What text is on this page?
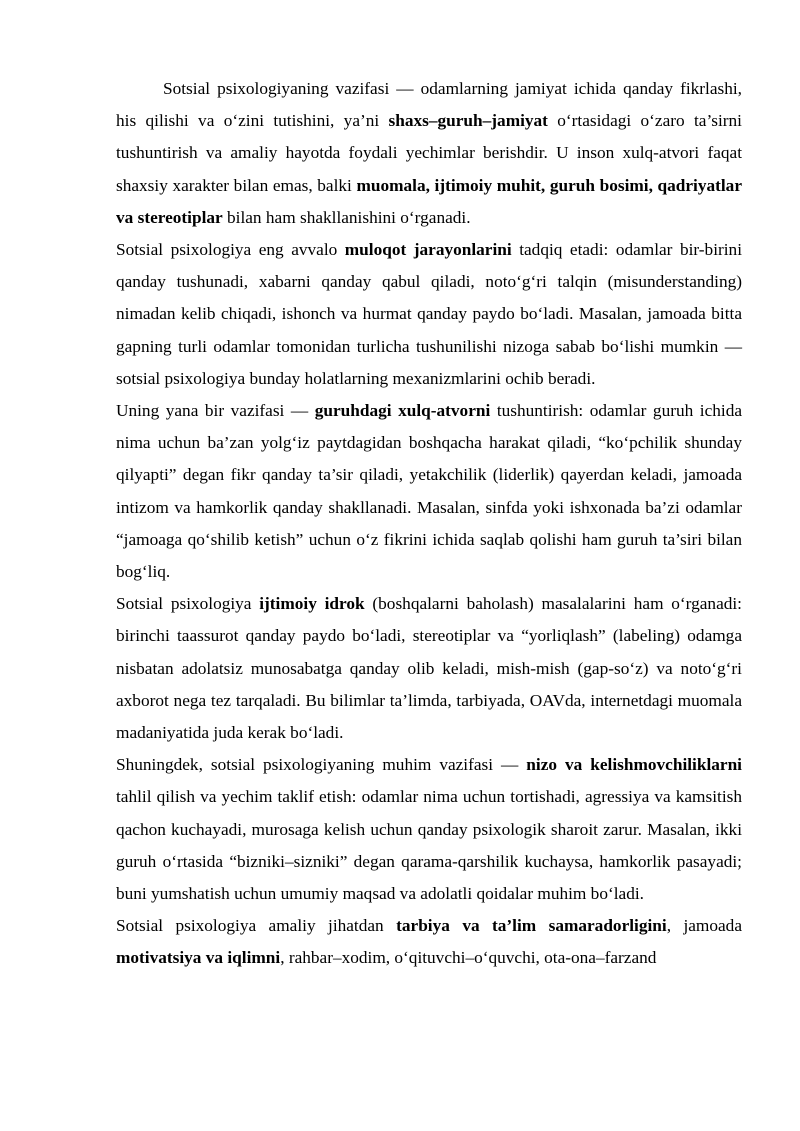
Sotsial psixologiyaning vazifasi — odamlarning jamiyat ichida qanday fikrlashi, his qilishi va o‘zini tutishini, ya’ni shaxs–guruh–jamiyat o‘rtasidagi o‘zaro ta’sirni tushuntirish va amaliy hayotda foydali yechimlar berishdir. U inson xulq-atvori faqat shaxsiy xarakter bilan emas, balki muomala, ijtimoiy muhit, guruh bosimi, qadriyatlar va stereotiplar bilan ham shakllanishini o‘rganadi.

Sotsial psixologiya eng avvalo muloqot jarayonlarini tadqiq etadi: odamlar bir-birini qanday tushunadi, xabarni qanday qabul qiladi, noto‘g‘ri talqin (misunderstanding) nimadan kelib chiqadi, ishonch va hurmat qanday paydo bo‘ladi. Masalan, jamoada bitta gapning turli odamlar tomonidan turlicha tushunilishi nizoga sabab bo‘lishi mumkin — sotsial psixologiya bunday holatlarning mexanizmlarini ochib beradi.

Uning yana bir vazifasi — guruhdagi xulq-atvorni tushuntirish: odamlar guruh ichida nima uchun ba’zan yolg‘iz paytdagidan boshqacha harakat qiladi, “ko‘pchilik shunday qilyapti” degan fikr qanday ta’sir qiladi, yetakchilik (liderlik) qayerdan keladi, jamoada intizom va hamkorlik qanday shakllanadi. Masalan, sinfda yoki ishxonada ba’zi odamlar “jamoaga qo‘shilib ketish” uchun o‘z fikrini ichida saqlab qolishi ham guruh ta’siri bilan bog‘liq.

Sotsial psixologiya ijtimoiy idrok (boshqalarni baholash) masalalarini ham o‘rganadi: birinchi taassurot qanday paydo bo‘ladi, stereotiplar va “yorliqlash” (labeling) odamga nisbatan adolatsiz munosabatga qanday olib keladi, mish-mish (gap-so‘z) va noto‘g‘ri axborot nega tez tarqaladi. Bu bilimlar ta’limda, tarbiyada, OAVda, internetdagi muomala madaniyatida juda kerak bo‘ladi.

Shuningdek, sotsial psixologiyaning muhim vazifasi — nizo va kelishmovchiliklarni tahlil qilish va yechim taklif etish: odamlar nima uchun tortishadi, agressiya va kamsitish qachon kuchayadi, murosaga kelish uchun qanday psixologik sharoit zarur. Masalan, ikki guruh o‘rtasida “bizniki–sizniki” degan qarama-qarshilik kuchaysa, hamkorlik pasayadi; buni yumshatish uchun umumiy maqsad va adolatli qoidalar muhim bo‘ladi.

Sotsial psixologiya amaliy jihatdan tarbiya va ta’lim samaradorligini, jamoada motivatsiya va iqlimni, rahbar–xodim, o‘qituvchi–o‘quvchi, ota-ona–farzand
